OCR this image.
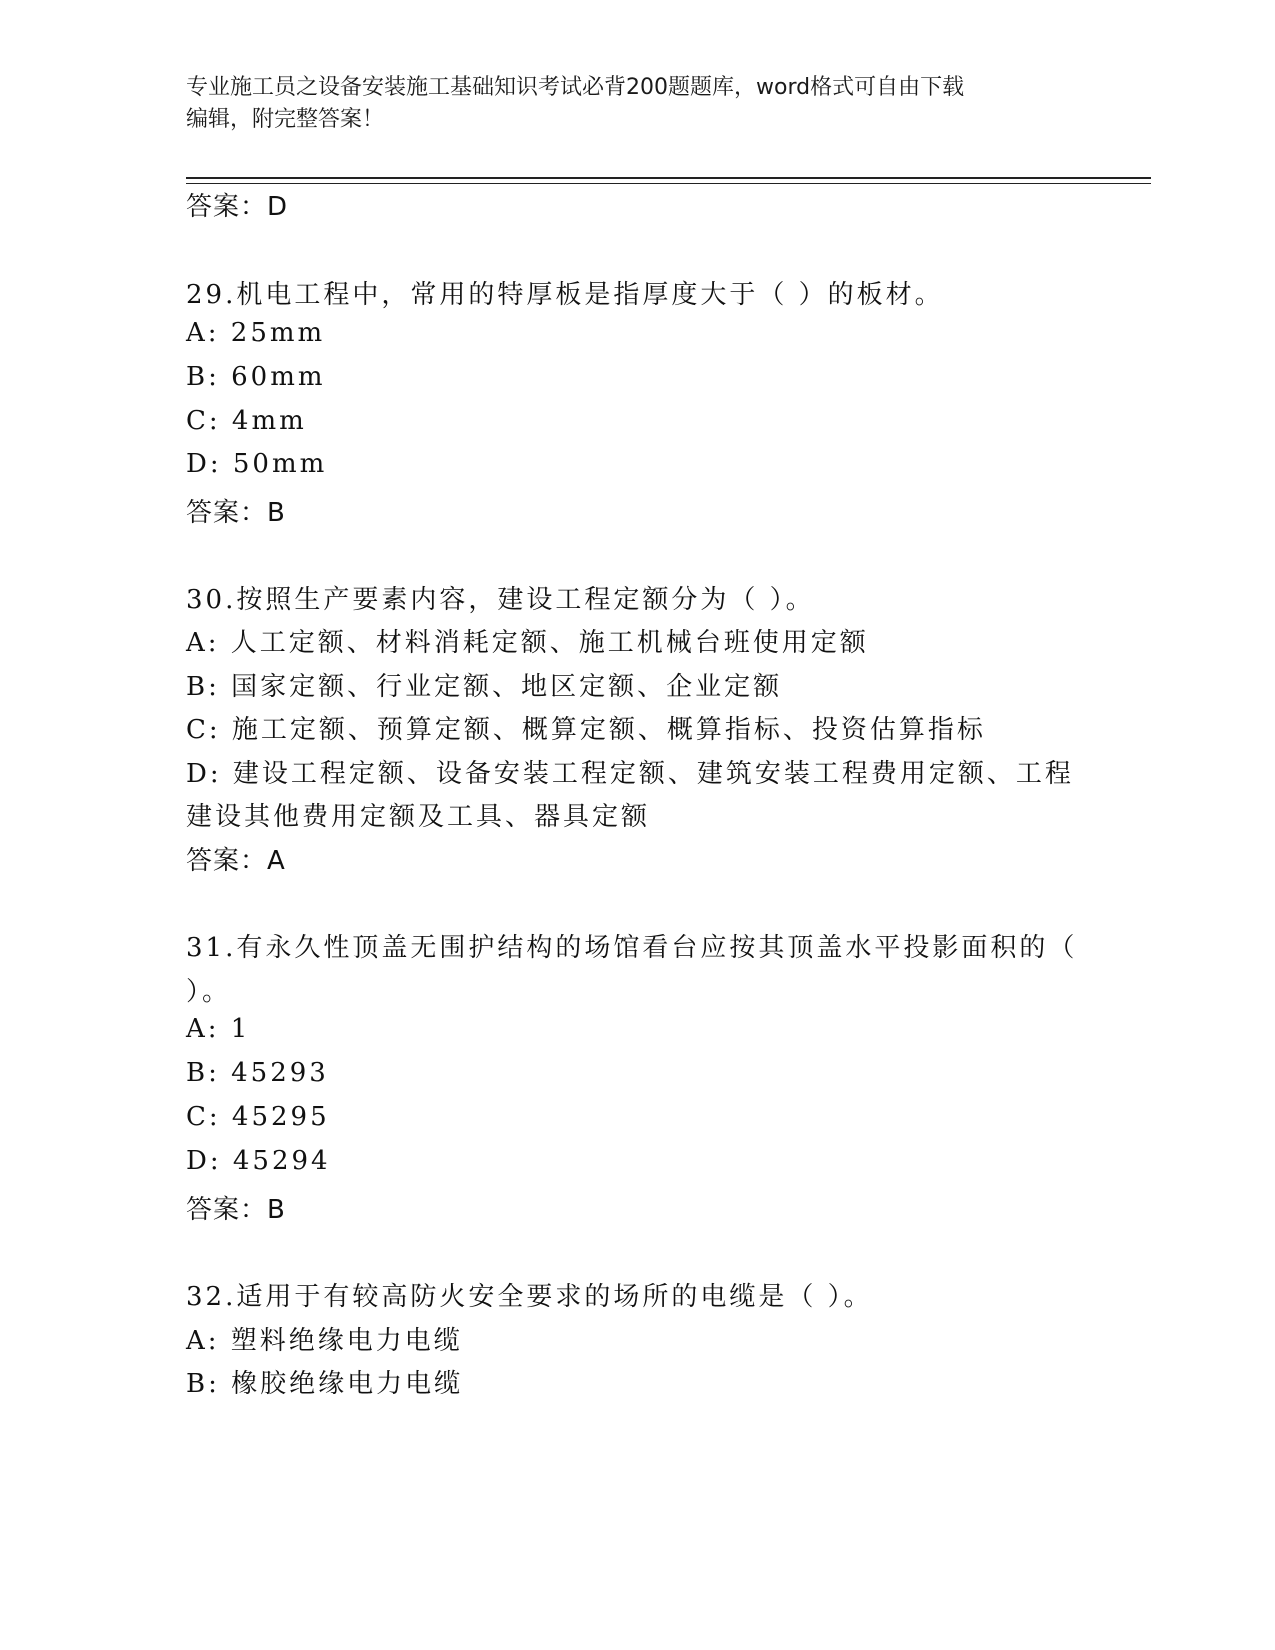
专业施工员之设备安装施工基础知识考试必背200题题库，word格式可自由下载
编辑，附完整答案！
答案：D
29.机电工程中，常用的特厚板是指厚度大于（ ）的板材。
A: 25mm
B: 60mm
C: 4mm
D: 50mm
答案：B
30.按照生产要素内容，建设工程定额分为（ ）。
A: 人工定额、材料消耗定额、施工机械台班使用定额
B: 国家定额、行业定额、地区定额、企业定额
C: 施工定额、预算定额、概算定额、概算指标、投资估算指标
D: 建设工程定额、设备安装工程定额、建筑安装工程费用定额、工程
建设其他费用定额及工具、器具定额
答案：A
31.有永久性顶盖无围护结构的场馆看台应按其顶盖水平投影面积的（
）。
A: 1
B: 45293
C: 45295
D: 45294
答案：B
32.适用于有较高防火安全要求的场所的电缆是（ ）。
A: 塑料绝缘电力电缆
B: 橡胶绝缘电力电缆
